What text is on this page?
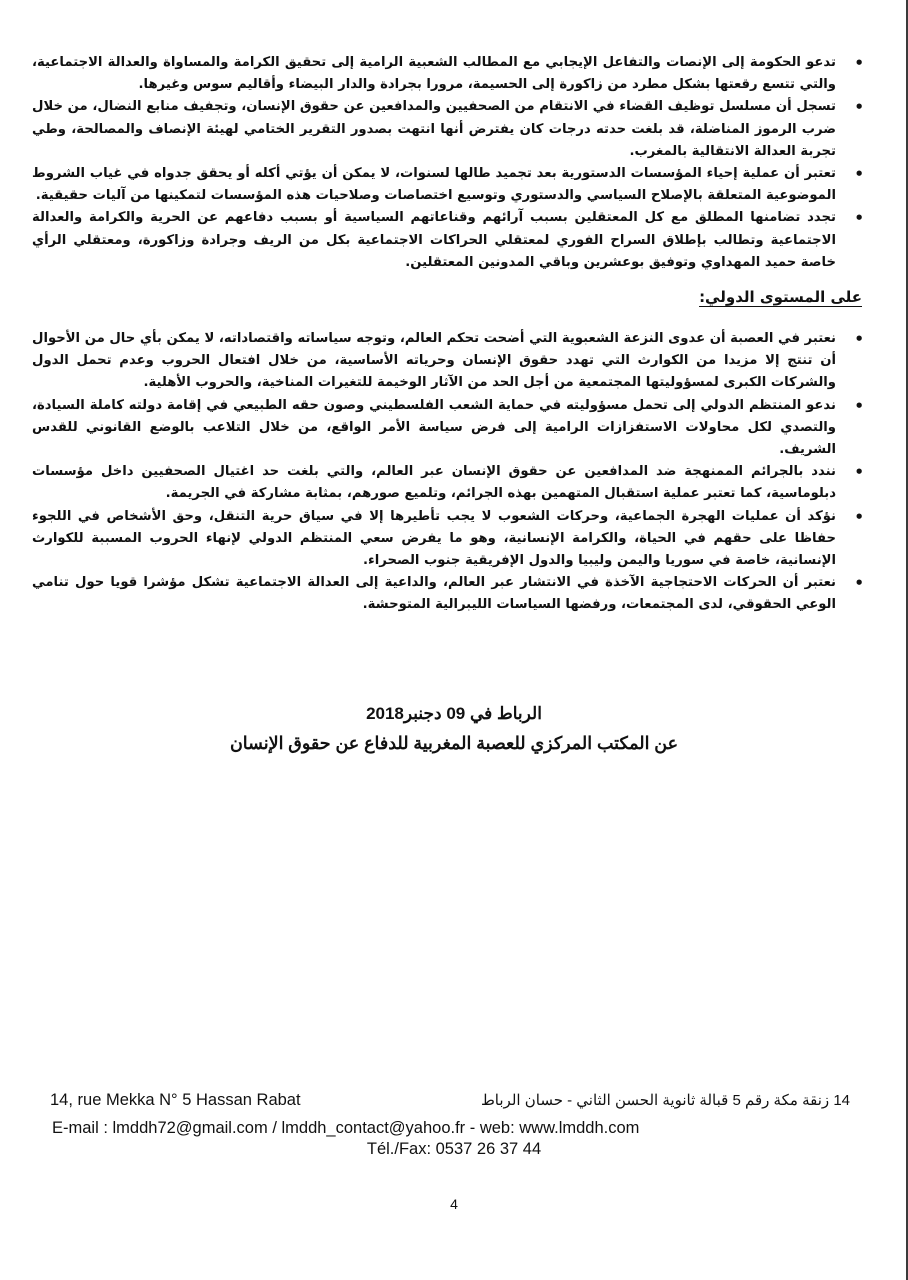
• تدعو الحكومة إلى الإنصات والتفاعل الإيجابي مع المطالب الشعبية الرامية إلى تحقيق الكرامة والمساواة والعدالة الاجتماعية، والتي تتسع رقعتها بشكل مطرد من زاكورة إلى الحسيمة، مرورا بجرادة والدار البيضاء وأقاليم سوس وغيرها.
• تسجل أن مسلسل توظيف القضاء في الانتقام من الصحفيين والمدافعين عن حقوق الإنسان، وتجفيف منابع النضال، من خلال ضرب الرموز المناضلة، قد بلغت حدته درجات كان يفترض أنها انتهت بصدور التقرير الختامي لهيئة الإنصاف والمصالحة، وطي تجربة العدالة الانتقالية بالمغرب.
• تعتبر أن عملية إحياء المؤسسات الدستورية بعد تجميد طالها لسنوات، لا يمكن أن يؤتي أكله أو يحقق جدواه في غياب الشروط الموضوعية المتعلقة بالإصلاح السياسي والدستوري وتوسيع اختصاصات وصلاحيات هذه المؤسسات لتمكينها من آليات حقيقية.
• تجدد تضامنها المطلق مع كل المعتقلين بسبب آرائهم وقناعاتهم السياسية أو بسبب دفاعهم عن الحرية والكرامة والعدالة الاجتماعية وتطالب بإطلاق السراح الفوري لمعتقلي الحراكات الاجتماعية بكل من الريف وجرادة وزاكورة، ومعتقلي الرأي خاصة حميد المهداوي وتوفيق بوعشرين وباقي المدونين المعتقلين.
على المستوى الدولي:
• نعتبر في العصبة أن عدوى النزعة الشعبوية التي أضحت تحكم العالم، وتوجه سياساته واقتصاداته، لا يمكن بأي حال من الأحوال أن تنتج إلا مزيدا من الكوارث التي تهدد حقوق الإنسان وحرياته الأساسية، من خلال افتعال الحروب وعدم تحمل الدول والشركات الكبرى لمسؤوليتها المجتمعية من أجل الحد من الآثار الوخيمة للتغيرات المناخية، والحروب الأهلية.
• ندعو المنتظم الدولي إلى تحمل مسؤوليته في حماية الشعب الفلسطيني وصون حقه الطبيعي في إقامة دولته كاملة السيادة، والتصدي لكل محاولات الاستفزازات الرامية إلى فرض سياسة الأمر الواقع، من خلال التلاعب بالوضع القانوني للقدس الشريف.
• نندد بالجرائم الممنهجة ضد المدافعين عن حقوق الإنسان عبر العالم، والتي بلغت حد اغتيال الصحفيين داخل مؤسسات دبلوماسية، كما تعتبر عملية استقبال المتهمين بهذه الجرائم، وتلميع صورهم، بمثابة مشاركة في الجريمة.
• نؤكد أن عمليات الهجرة الجماعية، وحركات الشعوب لا يجب تأطيرها إلا في سياق حرية التنقل، وحق الأشخاص في اللجوء حفاظا على حقهم في الحياة، والكرامة الإنسانية، وهو ما يفرض سعي المنتظم الدولي لإنهاء الحروب المسببة للكوارث الإنسانية، خاصة في سوريا واليمن وليبيا والدول الإفريقية جنوب الصحراء.
• نعتبر أن الحركات الاحتجاجية الآخذة في الانتشار عبر العالم، والداعية إلى العدالة الاجتماعية تشكل مؤشرا قويا حول تنامي الوعي الحقوقي، لدى المجتمعات، ورفضها السياسات الليبرالية المتوحشة.
الرباط في 09 دجنبر2018
عن المكتب المركزي للعصبة المغربية للدفاع عن حقوق الإنسان
14, rue Mekka N° 5 Hassan Rabat	14 زنقة مكة رقم 5 قبالة ثانوية الحسن الثاني - حسان الرباط
E-mail : lmddh72@gmail.com / lmddh_contact@yahoo.fr - web: www.lmddh.com
Tél./Fax: 0537 26 37 44
4
